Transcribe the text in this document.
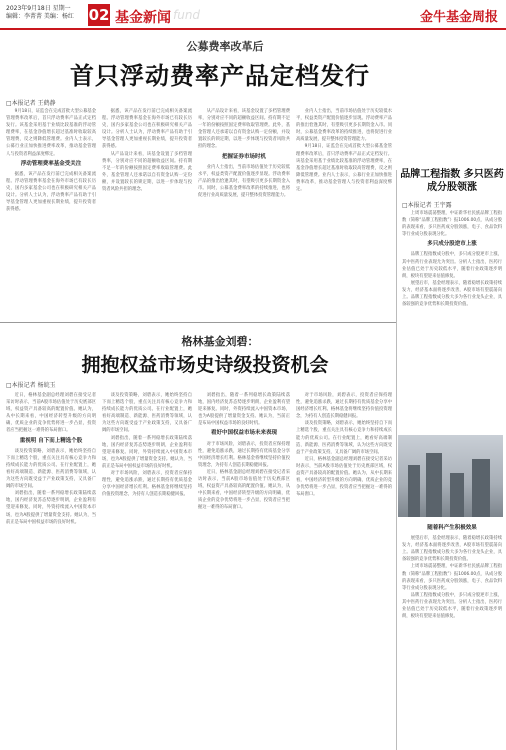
2023年9月18日 星期一
编辑：李菁菁 美编：杨红 02 基金新闻 fund	金牛基金周报
公募费率改革后
首只浮动费率产品定档发行
□本报记者 王鹤静

9月18日，证监会在完成首批大型公募基金管理费率改革后，首只浮动费率产品正式定档发行。该基金采用基于业绩比较基准的浮动管理费率，在基金净值增长超过基准时收取较高管理费，反之则降低管理费。业内人士表示，公募行业正加快推进费率改革，推动基金管理人与投资者利益深度绑定。

浮动管理费率基金受关注

据悉，该产品在发行前已完成相关备案流程。浮动管理费率基金在海外市场已有较长历史，国内多家基金公司也在积极研究相关产品设计。分析人士认为，浮动费率产品有助于引导基金管理人更加重视长期业绩，提升投资者获得感。

据悉，该产品在发行前已完成相关备案流程。浮动管理费率基金在海外市场已有较长历史，国内多家基金公司也在积极研究相关产品设计。分析人士认为，浮动费率产品有助于引导基金管理人更加重视长期业绩，提升投资者获得感。

从产品设计来看，该基金设置了多档管理费率，分别对应不同的超额收益区间。持有期不足一年的份额按照固定费率收取管理费。此外，基金管理人还承诺以自有资金认购一定份额，并设置较长的锁定期，以进一步体现与投资者风险共担的理念。

从产品设计来看，该基金设置了多档管理费率，分别对应不同的超额收益区间。持有期不足一年的份额按照固定费率收取管理费。此外，基金管理人还承诺以自有资金认购一定份额，并设置较长的锁定期，以进一步体现与投资者风险共担的理念。

把握证券市场时机

业内人士指出，当前市场估值处于历史较低水平，权益类资产配置价值逐步显现。浮动费率产品的推出恰逢其时，有望吸引更多长期资金入市。同时，公募基金费率改革的持续推进，也将促进行业高质量发展，提升整体投资管理能力。

业内人士指出，当前市场估值处于历史较低水平，权益类资产配置价值逐步显现。浮动费率产品的推出恰逢其时，有望吸引更多长期资金入市。同时，公募基金费率改革的持续推进，也将促进行业高质量发展，提升整体投资管理能力。

9月18日，证监会在完成首批大型公募基金管理费率改革后，首只浮动费率产品正式定档发行。该基金采用基于业绩比较基准的浮动管理费率，在基金净值增长超过基准时收取较高管理费，反之则降低管理费。业内人士表示，公募行业正加快推进费率改革，推动基金管理人与投资者利益深度绑定。

格林基金刘碧：
拥抱权益市场史诗级投资机会
□本报记者 杨皖玉

近日，格林基金副总经理刘碧在接受记者采访时表示，当前A股市场估值处于历史底部区域，权益资产具备较高的配置价值。她认为，从中长期来看，中国经济转型升级的方向明确，优质企业的竞争优势将进一步凸显，投资者应当把握这一难得的布局窗口。

重视明 自下而上精选个股

谈及投资策略，刘碧表示，她始终坚持自下而上精选个股，重点关注具有核心竞争力和持续成长能力的优质公司。在行业配置上，她看好高端制造、新能源、医药消费等领域，认为这些方向既受益于产业政策支持，又具备广阔的市场空间。

刘碧指出，随着一系列稳增长政策陆续落地，国内经济复苏态势逐步明朗，企业盈利有望迎来修复。同时，外资持续流入中国资本市场，也为A股提供了增量资金支持。她认为，当前正是布局中国权益市场的良好时机。

谈及投资策略，刘碧表示，她始终坚持自下而上精选个股，重点关注具有核心竞争力和持续成长能力的优质公司。在行业配置上，她看好高端制造、新能源、医药消费等领域，认为这些方向既受益于产业政策支持，又具备广阔的市场空间。

刘碧指出，随着一系列稳增长政策陆续落地，国内经济复苏态势逐步明朗，企业盈利有望迎来修复。同时，外资持续流入中国资本市场，也为A股提供了增量资金支持。她认为，当前正是布局中国权益市场的良好时机。

对于市场风险，刘碧表示，投资者应保持理性，避免追涨杀跌，通过长期持有优质基金分享中国经济增长红利。格林基金将继续坚持价值投资理念，为持有人创造长期稳健回报。

刘碧指出，随着一系列稳增长政策陆续落地，国内经济复苏态势逐步明朗，企业盈利有望迎来修复。同时，外资持续流入中国资本市场，也为A股提供了增量资金支持。她认为，当前正是布局中国权益市场的良好时机。

看好中国权益市场未来表现

对于市场风险，刘碧表示，投资者应保持理性，避免追涨杀跌，通过长期持有优质基金分享中国经济增长红利。格林基金将继续坚持价值投资理念，为持有人创造长期稳健回报。

近日，格林基金副总经理刘碧在接受记者采访时表示，当前A股市场估值处于历史底部区域，权益资产具备较高的配置价值。她认为，从中长期来看，中国经济转型升级的方向明确，优质企业的竞争优势将进一步凸显，投资者应当把握这一难得的布局窗口。

对于市场风险，刘碧表示，投资者应保持理性，避免追涨杀跌，通过长期持有优质基金分享中国经济增长红利。格林基金将继续坚持价值投资理念，为持有人创造长期稳健回报。

谈及投资策略，刘碧表示，她始终坚持自下而上精选个股，重点关注具有核心竞争力和持续成长能力的优质公司。在行业配置上，她看好高端制造、新能源、医药消费等领域，认为这些方向既受益于产业政策支持，又具备广阔的市场空间。

近日，格林基金副总经理刘碧在接受记者采访时表示，当前A股市场估值处于历史底部区域，权益资产具备较高的配置价值。她认为，从中长期来看，中国经济转型升级的方向明确，优质企业的竞争优势将进一步凸显，投资者应当把握这一难得的布局窗口。

品牌工程指数 多只医药成分股领涨
□本报记者 王宇露

上周市场震荡整理，中证新华社民族品牌工程指数（简称“品牌工程指数”）报1006.00点，从成分股的表现来看，多只医药成分股领涨，电子、食品饮料等行业成分股表现分化。

多只成分股逆市上涨

品牌工程指数成分股中，多只成分股逆市上涨，其中医药行业表现尤为突出。分析人士指出，医药行业估值已处于历史较低水平，随着行业政策逐步明朗，板块有望迎来估值修复。

展望后市，基金经理表示，随着稳增长政策持续发力，经济基本面将逐步改善，A股市场有望震荡向上。品牌工程指数成分股大多为各行业龙头企业，具备较强的竞争优势和长期投资价值。

随着科产生积极效果

展望后市，基金经理表示，随着稳增长政策持续发力，经济基本面将逐步改善，A股市场有望震荡向上。品牌工程指数成分股大多为各行业龙头企业，具备较强的竞争优势和长期投资价值。

上周市场震荡整理，中证新华社民族品牌工程指数（简称“品牌工程指数”）报1006.00点，从成分股的表现来看，多只医药成分股领涨，电子、食品饮料等行业成分股表现分化。

品牌工程指数成分股中，多只成分股逆市上涨，其中医药行业表现尤为突出。分析人士指出，医药行业估值已处于历史较低水平，随着行业政策逐步明朗，板块有望迎来估值修复。
